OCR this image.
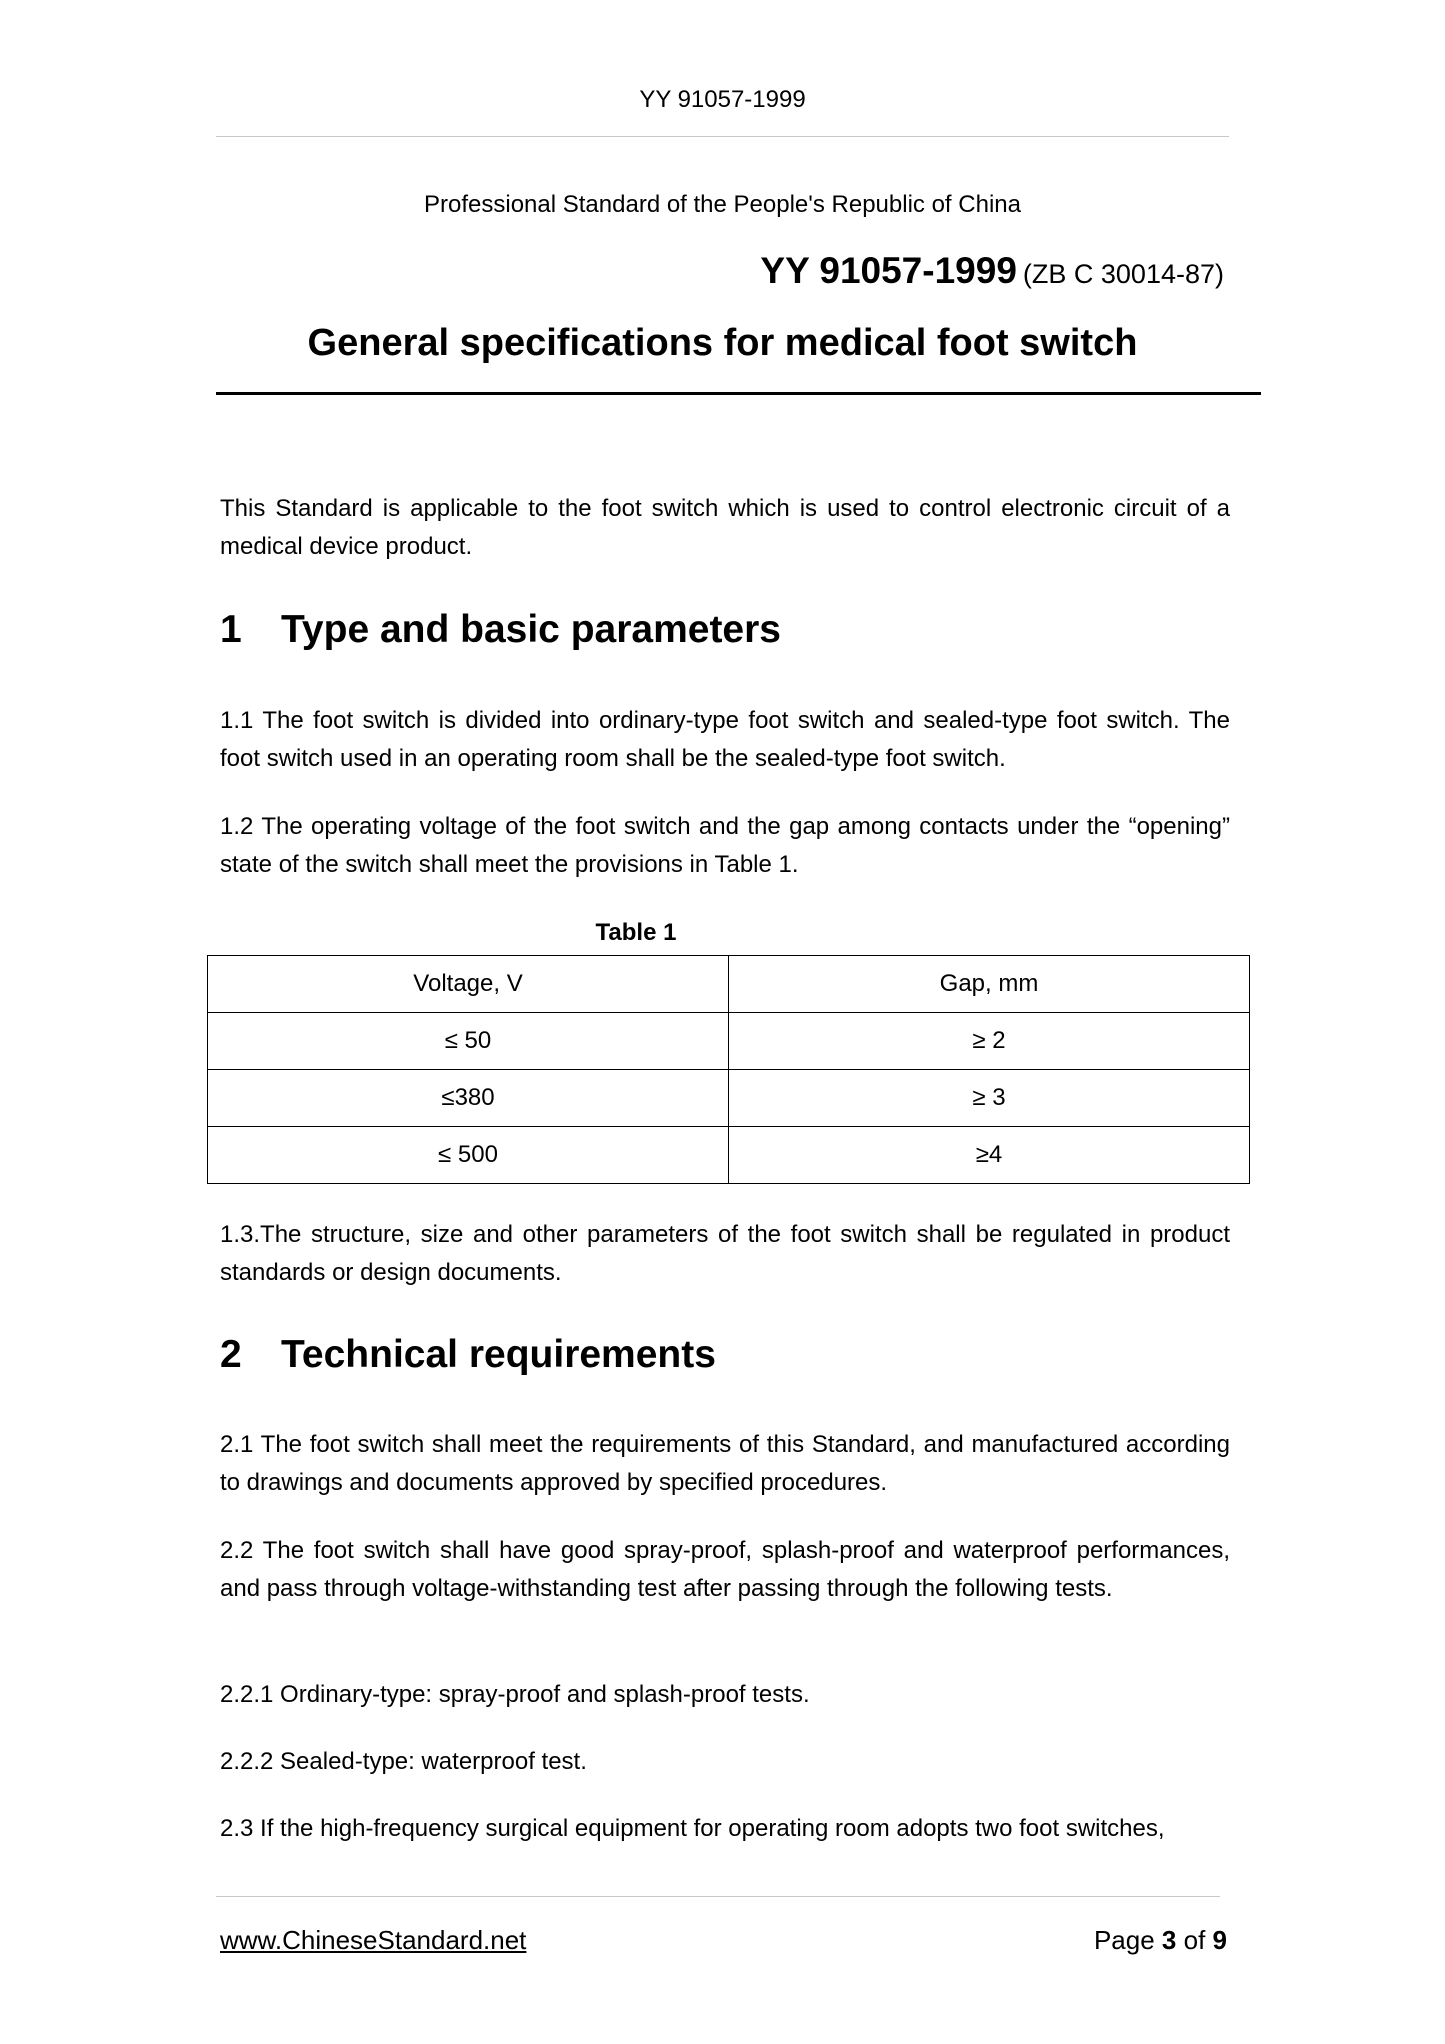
YY 91057-1999
Professional Standard of the People's Republic of China
YY 91057-1999 (ZB C 30014-87)
General specifications for medical foot switch

This Standard is applicable to the foot switch which is used to control electronic circuit of a medical device product.

1 Type and basic parameters

1.1 The foot switch is divided into ordinary-type foot switch and sealed-type foot switch. The foot switch used in an operating room shall be the sealed-type foot switch.

1.2 The operating voltage of the foot switch and the gap among contacts under the “opening” state of the switch shall meet the provisions in Table 1.

Table 1
Voltage, V	Gap, mm
≤ 50	≥ 2
≤380	≥ 3
≤ 500	≥4

1.3.The structure, size and other parameters of the foot switch shall be regulated in product standards or design documents.

2 Technical requirements

2.1 The foot switch shall meet the requirements of this Standard, and manufactured according to drawings and documents approved by specified procedures.

2.2 The foot switch shall have good spray-proof, splash-proof and waterproof performances, and pass through voltage-withstanding test after passing through the following tests.

2.2.1 Ordinary-type: spray-proof and splash-proof tests.

2.2.2 Sealed-type: waterproof test.

2.3 If the high-frequency surgical equipment for operating room adopts two foot switches,

www.ChineseStandard.net	Page 3 of 9
